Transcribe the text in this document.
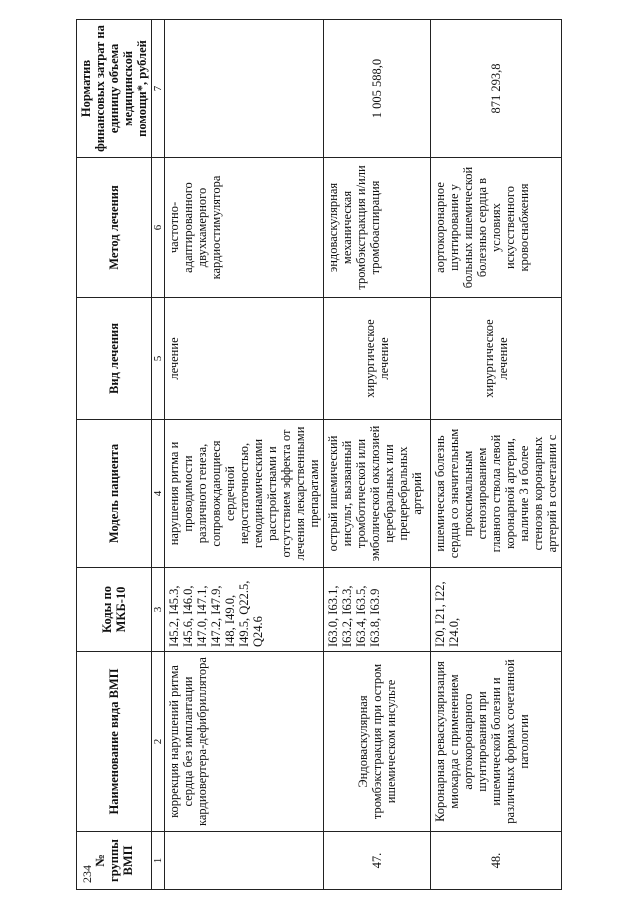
234
№ группы ВМП	Наименование вида ВМП	Коды по МКБ-10	Модель пациента	Вид лечения	Метод лечения	Норматив финансовых затрат на единицу объема медицинской помощи*, рублей
1	2	3	4	5	6	7
	коррекция нарушений ритма сердца без имплантации кардиовертера-дефибриллятора	I45.2, I45.3, I45.6, I46.0, I47.0, I47.1, I47.2, I47.9, I48, I49.0, I49.5, Q22.5, Q24.6	нарушения ритма и проводимости различного генеза, сопровождающиеся сердечной недостаточностью, гемодинамическими расстройствами и отсутствием эффекта от лечения лекарственными препаратами	лечение	частотно-адаптированного двухкамерного кардиостимулятора	
47.	Эндоваскулярная тромбэкстракция при остром ишемическом инсульте	I63.0, I63.1, I63.2, I63.3, I63.4, I63.5, I63.8, I63.9	острый ишемический инсульт, вызванный тромботической или эмболической окклюзией церебральных или прецеребральных артерий	хирургическое лечение	эндоваскулярная механическая тромбэкстракция и/или тромбоаспирация	1 005 588,0
48.	Коронарная реваскуляризация миокарда с применением аортокоронарного шунтирования при ишемической болезни и различных формах сочетанной патологии	I20, I21, I22, I24.0,	ишемическая болезнь сердца со значительным проксимальным стенозированием главного ствола левой коронарной артерии, наличие 3 и более стенозов коронарных артерий в сочетании с	хирургическое лечение	аортокоронарное шунтирование у больных ишемической болезнью сердца в условиях искусственного кровоснабжения	871 293,8
